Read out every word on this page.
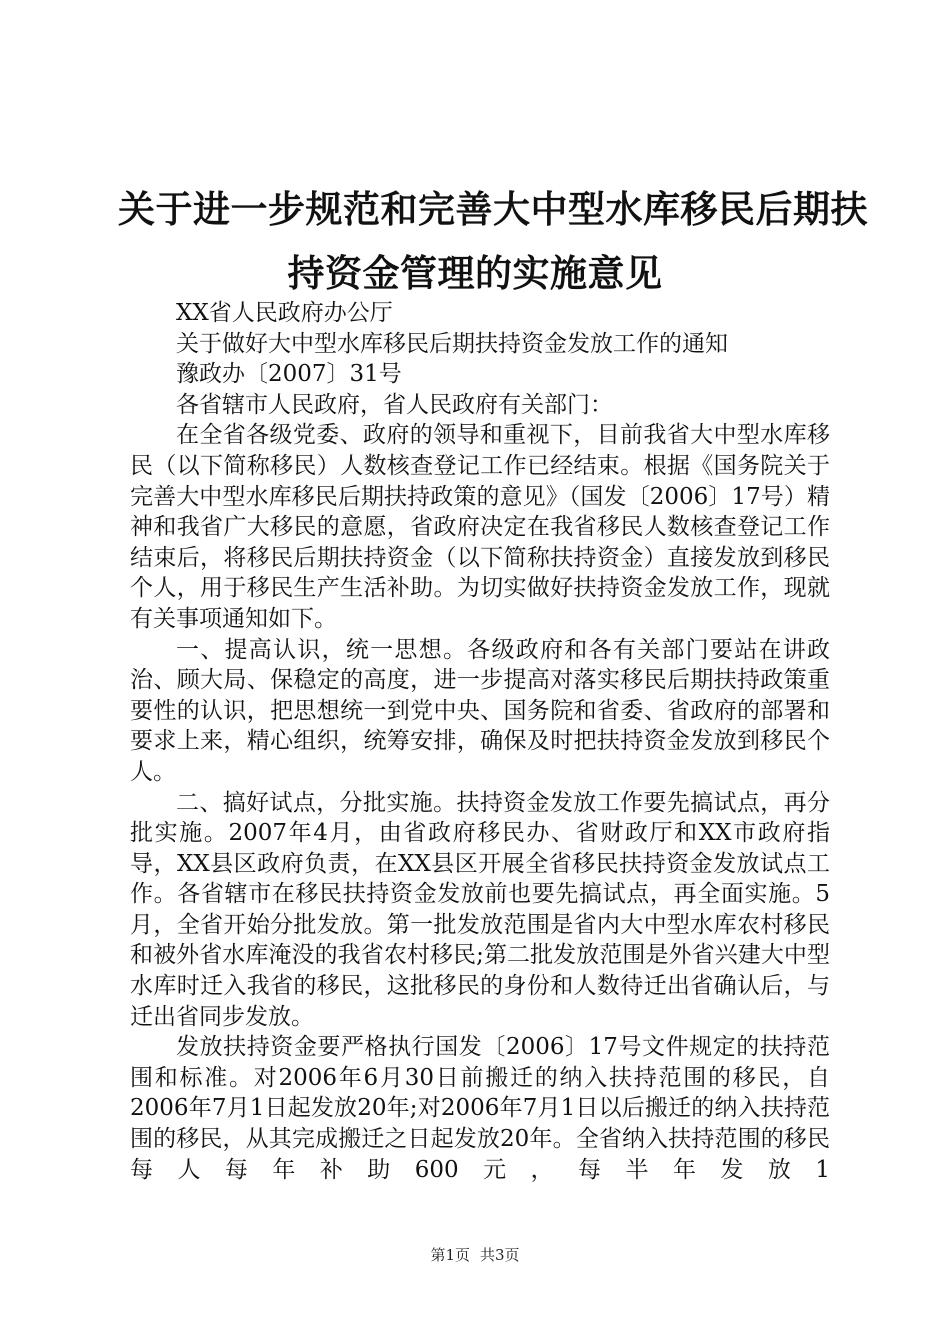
关于进一步规范和完善大中型水库移民后期扶
持资金管理的实施意见

XX省人民政府办公厅

关于做好大中型水库移民后期扶持资金发放工作的通知

豫政办〔2007〕31号

各省辖市人民政府，省人民政府有关部门：

在全省各级党委、政府的领导和重视下，目前我省大中型水库移民（以下简称移民）人数核查登记工作已经结束。根据《国务院关于完善大中型水库移民后期扶持政策的意见》（国发〔2006〕17号）精神和我省广大移民的意愿，省政府决定在我省移民人数核查登记工作结束后，将移民后期扶持资金（以下简称扶持资金）直接发放到移民个人，用于移民生产生活补助。为切实做好扶持资金发放工作，现就有关事项通知如下。

一、提高认识，统一思想。各级政府和各有关部门要站在讲政治、顾大局、保稳定的高度，进一步提高对落实移民后期扶持政策重要性的认识，把思想统一到党中央、国务院和省委、省政府的部署和要求上来，精心组织，统筹安排，确保及时把扶持资金发放到移民个人。

二、搞好试点，分批实施。扶持资金发放工作要先搞试点，再分批实施。2007年4月，由省政府移民办、省财政厅和XX市政府指导，XX县区政府负责，在XX县区开展全省移民扶持资金发放试点工作。各省辖市在移民扶持资金发放前也要先搞试点，再全面实施。5月，全省开始分批发放。第一批发放范围是省内大中型水库农村移民和被外省水库淹没的我省农村移民;第二批发放范围是外省兴建大中型水库时迁入我省的移民，这批移民的身份和人数待迁出省确认后，与迁出省同步发放。

发放扶持资金要严格执行国发〔2006〕17号文件规定的扶持范围和标准。对2006年6月30日前搬迁的纳入扶持范围的移民，自2006年7月1日起发放20年;对2006年7月1日以后搬迁的纳入扶持范围的移民，从其完成搬迁之日起发放20年。全省纳入扶持范围的移民每人每年补助600元，每半年发放1

第1页 共3页
